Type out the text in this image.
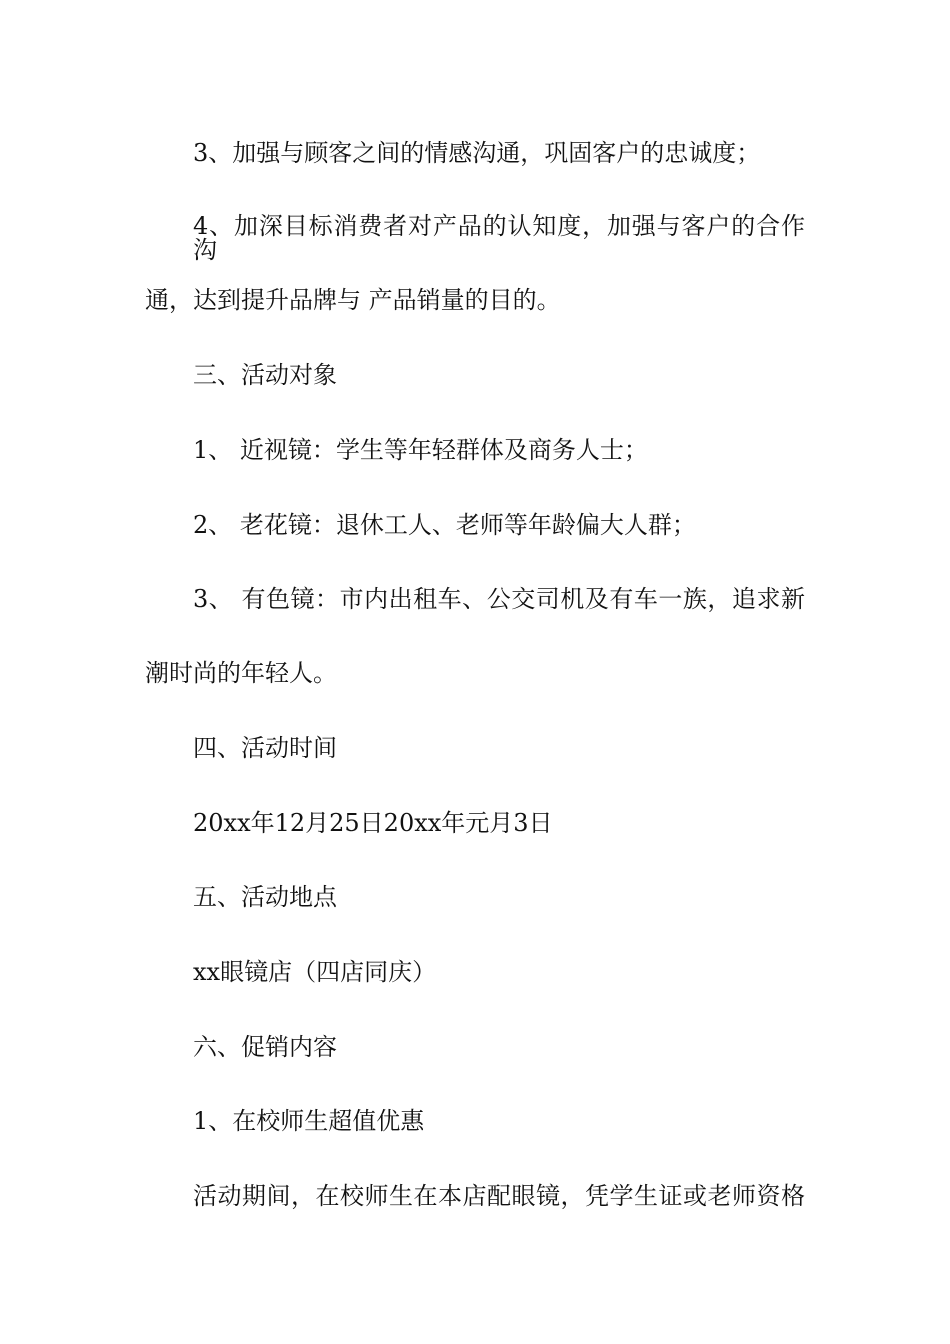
3、加强与顾客之间的情感沟通，巩固客户的忠诚度；

4、加深目标消费者对产品的认知度，加强与客户的合作沟

通，达到提升品牌与 产品销量的目的。

三、活动对象

1、 近视镜：学生等年轻群体及商务人士；

2、 老花镜：退休工人、老师等年龄偏大人群；

3、 有色镜：市内出租车、公交司机及有车一族，追求新

潮时尚的年轻人。

四、活动时间

20xx年12月25日20xx年元月3日

五、活动地点

xx眼镜店（四店同庆）

六、促销内容

1、在校师生超值优惠

活动期间，在校师生在本店配眼镜，凭学生证或老师资格
